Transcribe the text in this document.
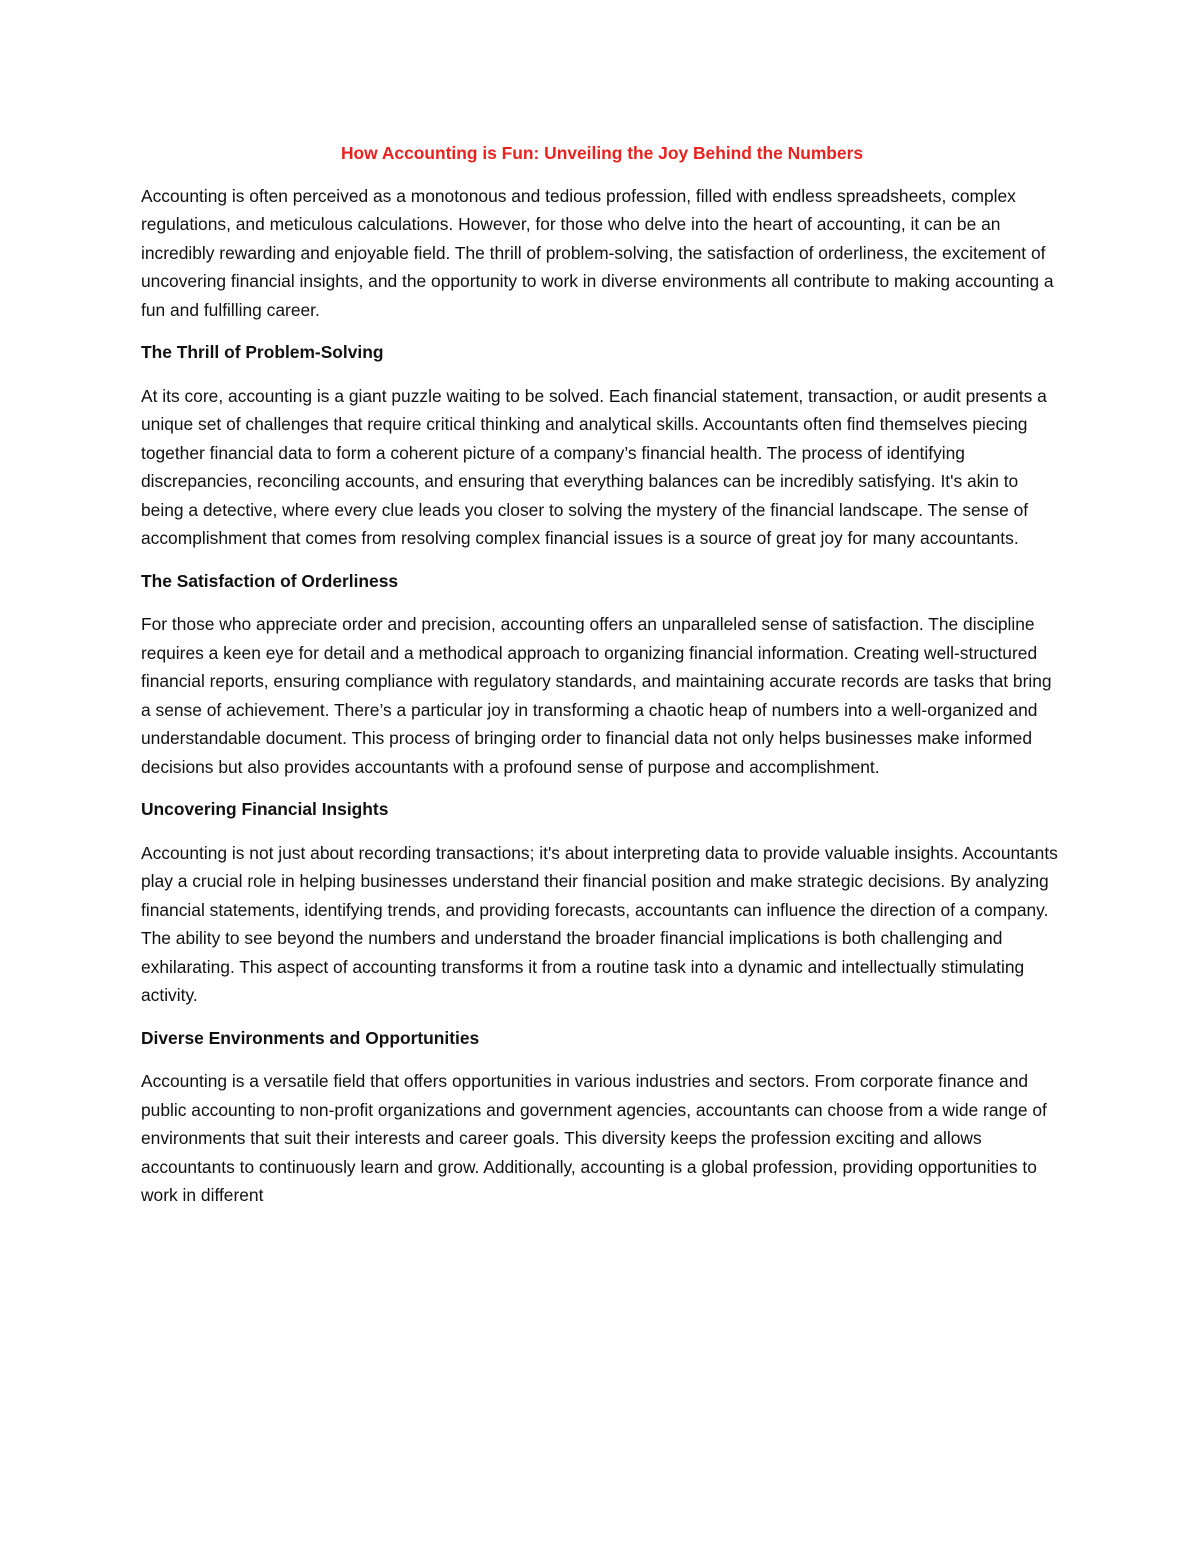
How Accounting is Fun: Unveiling the Joy Behind the Numbers

Accounting is often perceived as a monotonous and tedious profession, filled with endless spreadsheets, complex regulations, and meticulous calculations. However, for those who delve into the heart of accounting, it can be an incredibly rewarding and enjoyable field. The thrill of problem-solving, the satisfaction of orderliness, the excitement of uncovering financial insights, and the opportunity to work in diverse environments all contribute to making accounting a fun and fulfilling career.

The Thrill of Problem-Solving

At its core, accounting is a giant puzzle waiting to be solved. Each financial statement, transaction, or audit presents a unique set of challenges that require critical thinking and analytical skills. Accountants often find themselves piecing together financial data to form a coherent picture of a company’s financial health. The process of identifying discrepancies, reconciling accounts, and ensuring that everything balances can be incredibly satisfying. It's akin to being a detective, where every clue leads you closer to solving the mystery of the financial landscape. The sense of accomplishment that comes from resolving complex financial issues is a source of great joy for many accountants.

The Satisfaction of Orderliness

For those who appreciate order and precision, accounting offers an unparalleled sense of satisfaction. The discipline requires a keen eye for detail and a methodical approach to organizing financial information. Creating well-structured financial reports, ensuring compliance with regulatory standards, and maintaining accurate records are tasks that bring a sense of achievement. There’s a particular joy in transforming a chaotic heap of numbers into a well-organized and understandable document. This process of bringing order to financial data not only helps businesses make informed decisions but also provides accountants with a profound sense of purpose and accomplishment.

Uncovering Financial Insights

Accounting is not just about recording transactions; it's about interpreting data to provide valuable insights. Accountants play a crucial role in helping businesses understand their financial position and make strategic decisions. By analyzing financial statements, identifying trends, and providing forecasts, accountants can influence the direction of a company. The ability to see beyond the numbers and understand the broader financial implications is both challenging and exhilarating. This aspect of accounting transforms it from a routine task into a dynamic and intellectually stimulating activity.

Diverse Environments and Opportunities

Accounting is a versatile field that offers opportunities in various industries and sectors. From corporate finance and public accounting to non-profit organizations and government agencies, accountants can choose from a wide range of environments that suit their interests and career goals. This diversity keeps the profession exciting and allows accountants to continuously learn and grow. Additionally, accounting is a global profession, providing opportunities to work in different
